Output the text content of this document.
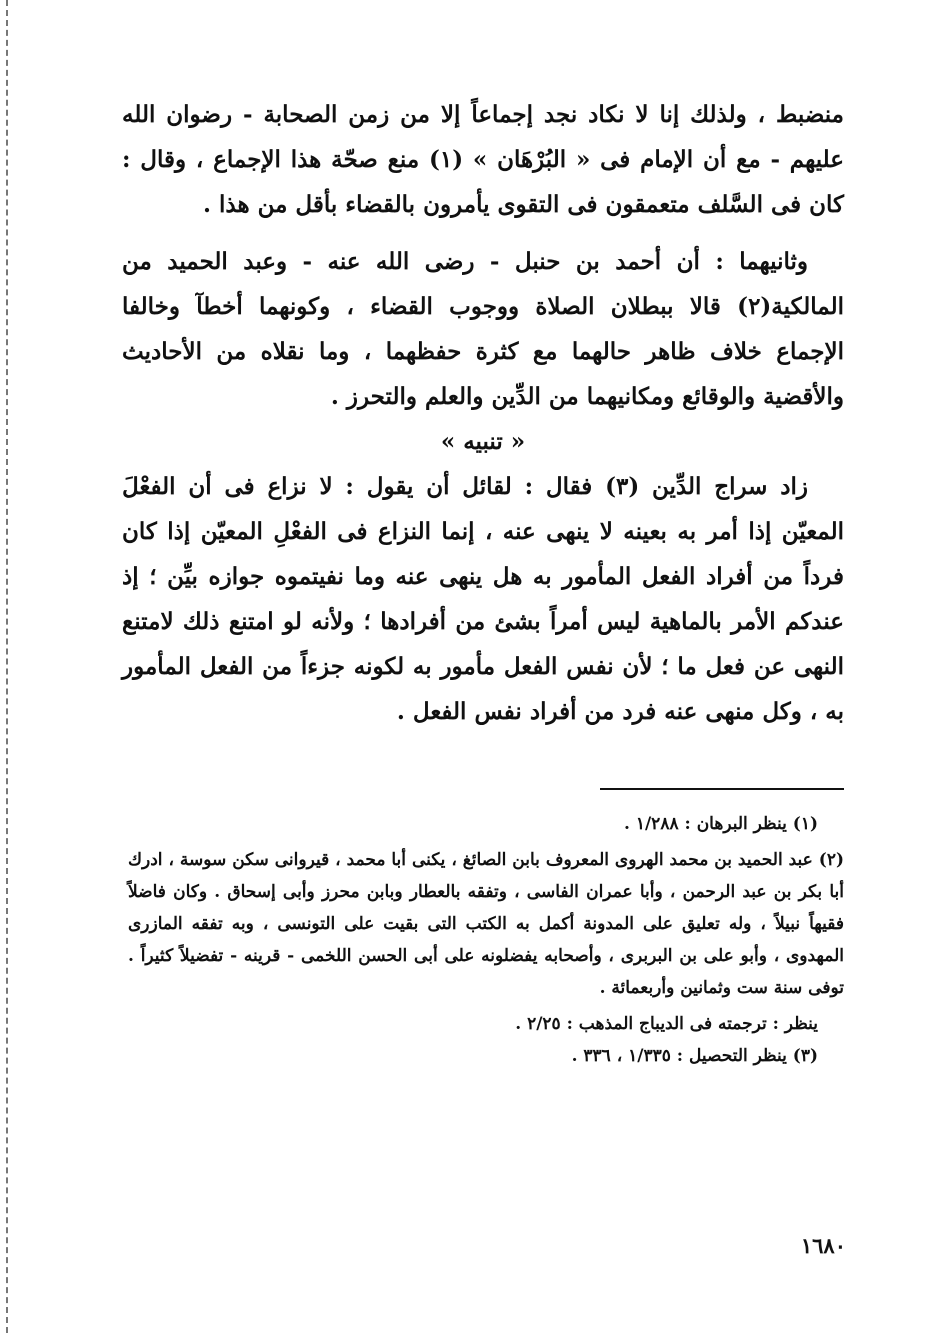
منضبط ، ولذلك إنا لا نكاد نجد إجماعاً إلا من زمن الصحابة - رضوان الله عليهم - مع أن الإمام فى « البُرْهَان » (١) منع صحّة هذا الإجماع ، وقال : كان فى السَّلف متعمقون فى التقوى يأمرون بالقضاء بأقل من هذا .

وثانيهما : أن أحمد بن حنبل - رضى الله عنه - وعبد الحميد من المالكية(٢) قالا ببطلان الصلاة ووجوب القضاء ، وكونهما أخطآ وخالفا الإجماع خلاف ظاهر حالهما مع كثرة حفظهما ، وما نقلاه من الأحاديث والأقضية والوقائع ومكانيهما من الدِّين والعلم والتحرز .

« تنبيه »

زاد سراج الدِّين (٣) فقال : لقائل أن يقول : لا نزاع فى أن الفعْلَ المعيّن إذا أمر به بعينه لا ينهى عنه ، إنما النزاع فى الفعْلِ المعيّن إذا كان فرداً من أفراد الفعل المأمور به هل ينهى عنه وما نفيتموه جوازه بيِّن ؛ إذ عندكم الأمر بالماهية ليس أمراً بشئ من أفرادها ؛ ولأنه لو امتنع ذلك لامتنع النهى عن فعل ما ؛ لأن نفس الفعل مأمور به لكونه جزءاً من الفعل المأمور به ، وكل منهى عنه فرد من أفراد نفس الفعل .

(١) ينظر البرهان : ١/٢٨٨ .

(٢) عبد الحميد بن محمد الهروى المعروف بابن الصائغ ، يكنى أبا محمد ، قيروانى سكن سوسة ، ادرك أبا بكر بن عبد الرحمن ، وأبا عمران الفاسى ، وتفقه بالعطار وبابن محرز وأبى إسحاق . وكان فاضلاً فقيهاً نبيلاً ، وله تعليق على المدونة أكمل به الكتب التى بقيت على التونسى ، وبه تفقه المازرى المهدوى ، وأبو على بن البربرى ، وأصحابه يفضلونه على أبى الحسن اللخمى - قرينه - تفضيلاً كثيراً . توفى سنة ست وثمانين وأربعمائة .

ينظر : ترجمته فى الديباج المذهب : ٢/٢٥ .

(٣) ينظر التحصيل : ١/٣٣٥ ، ٣٣٦ .

١٦٨٠
